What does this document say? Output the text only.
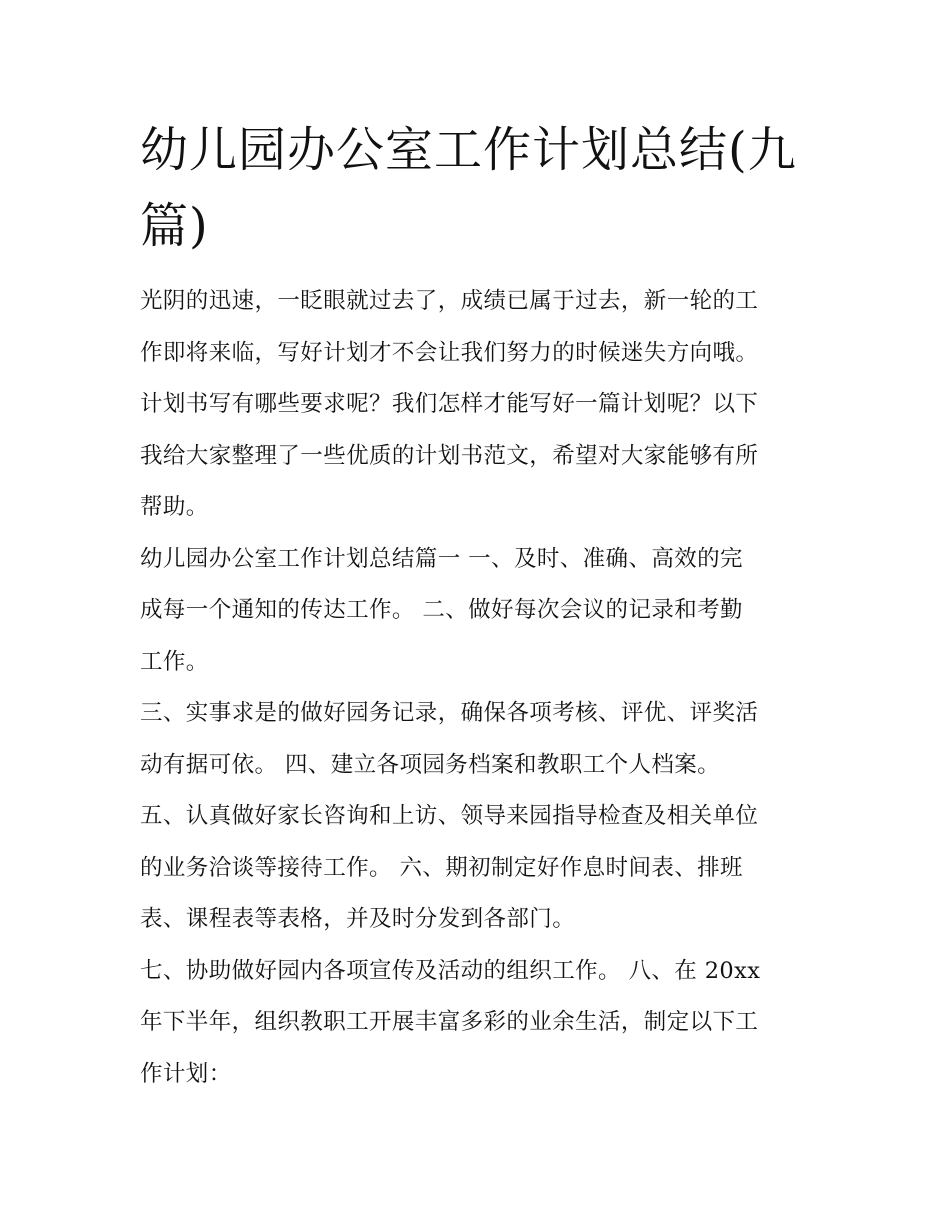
幼儿园办公室工作计划总结(九
篇)

光阴的迅速，一眨眼就过去了，成绩已属于过去，新一轮的工
作即将来临，写好计划才不会让我们努力的时候迷失方向哦。
计划书写有哪些要求呢？我们怎样才能写好一篇计划呢？以下
我给大家整理了一些优质的计划书范文，希望对大家能够有所
帮助。

幼儿园办公室工作计划总结篇一 一、及时、准确、高效的完
成每一个通知的传达工作。 二、做好每次会议的记录和考勤
工作。

三、实事求是的做好园务记录，确保各项考核、评优、评奖活
动有据可依。 四、建立各项园务档案和教职工个人档案。

五、认真做好家长咨询和上访、领导来园指导检查及相关单位
的业务洽谈等接待工作。 六、期初制定好作息时间表、排班
表、课程表等表格，并及时分发到各部门。

七、协助做好园内各项宣传及活动的组织工作。 八、在 20xx
年下半年，组织教职工开展丰富多彩的业余生活，制定以下工
作计划：
